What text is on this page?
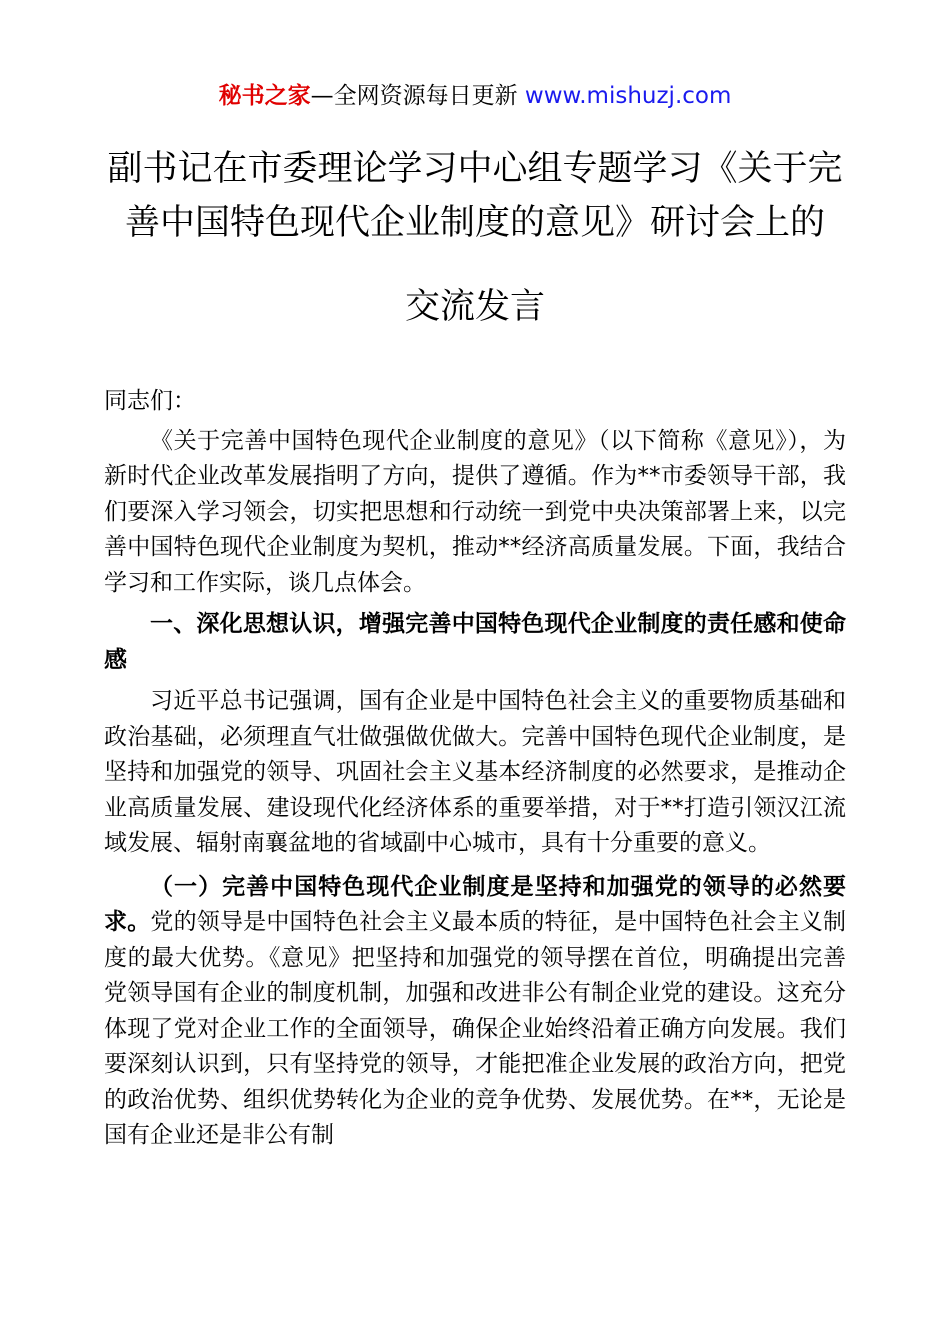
秘书之家—全网资源每日更新 www.mishuzj.com
副书记在市委理论学习中心组专题学习《关于完
善中国特色现代企业制度的意见》研讨会上的
交流发言

同志们：

《关于完善中国特色现代企业制度的意见》（以下简称《意见》），为新时代企业改革发展指明了方向，提供了遵循。作为**市委领导干部，我们要深入学习领会，切实把思想和行动统一到党中央决策部署上来，以完善中国特色现代企业制度为契机，推动**经济高质量发展。下面，我结合学习和工作实际，谈几点体会。

一、深化思想认识，增强完善中国特色现代企业制度的责任感和使命感

习近平总书记强调，国有企业是中国特色社会主义的重要物质基础和政治基础，必须理直气壮做强做优做大。完善中国特色现代企业制度，是坚持和加强党的领导、巩固社会主义基本经济制度的必然要求，是推动企业高质量发展、建设现代化经济体系的重要举措，对于**打造引领汉江流域发展、辐射南襄盆地的省域副中心城市，具有十分重要的意义。

（一）完善中国特色现代企业制度是坚持和加强党的领导的必然要求。党的领导是中国特色社会主义最本质的特征，是中国特色社会主义制度的最大优势。《意见》把坚持和加强党的领导摆在首位，明确提出完善党领导国有企业的制度机制，加强和改进非公有制企业党的建设。这充分体现了党对企业工作的全面领导，确保企业始终沿着正确方向发展。我们要深刻认识到，只有坚持党的领导，才能把准企业发展的政治方向，把党的政治优势、组织优势转化为企业的竞争优势、发展优势。在**，无论是国有企业还是非公有制
